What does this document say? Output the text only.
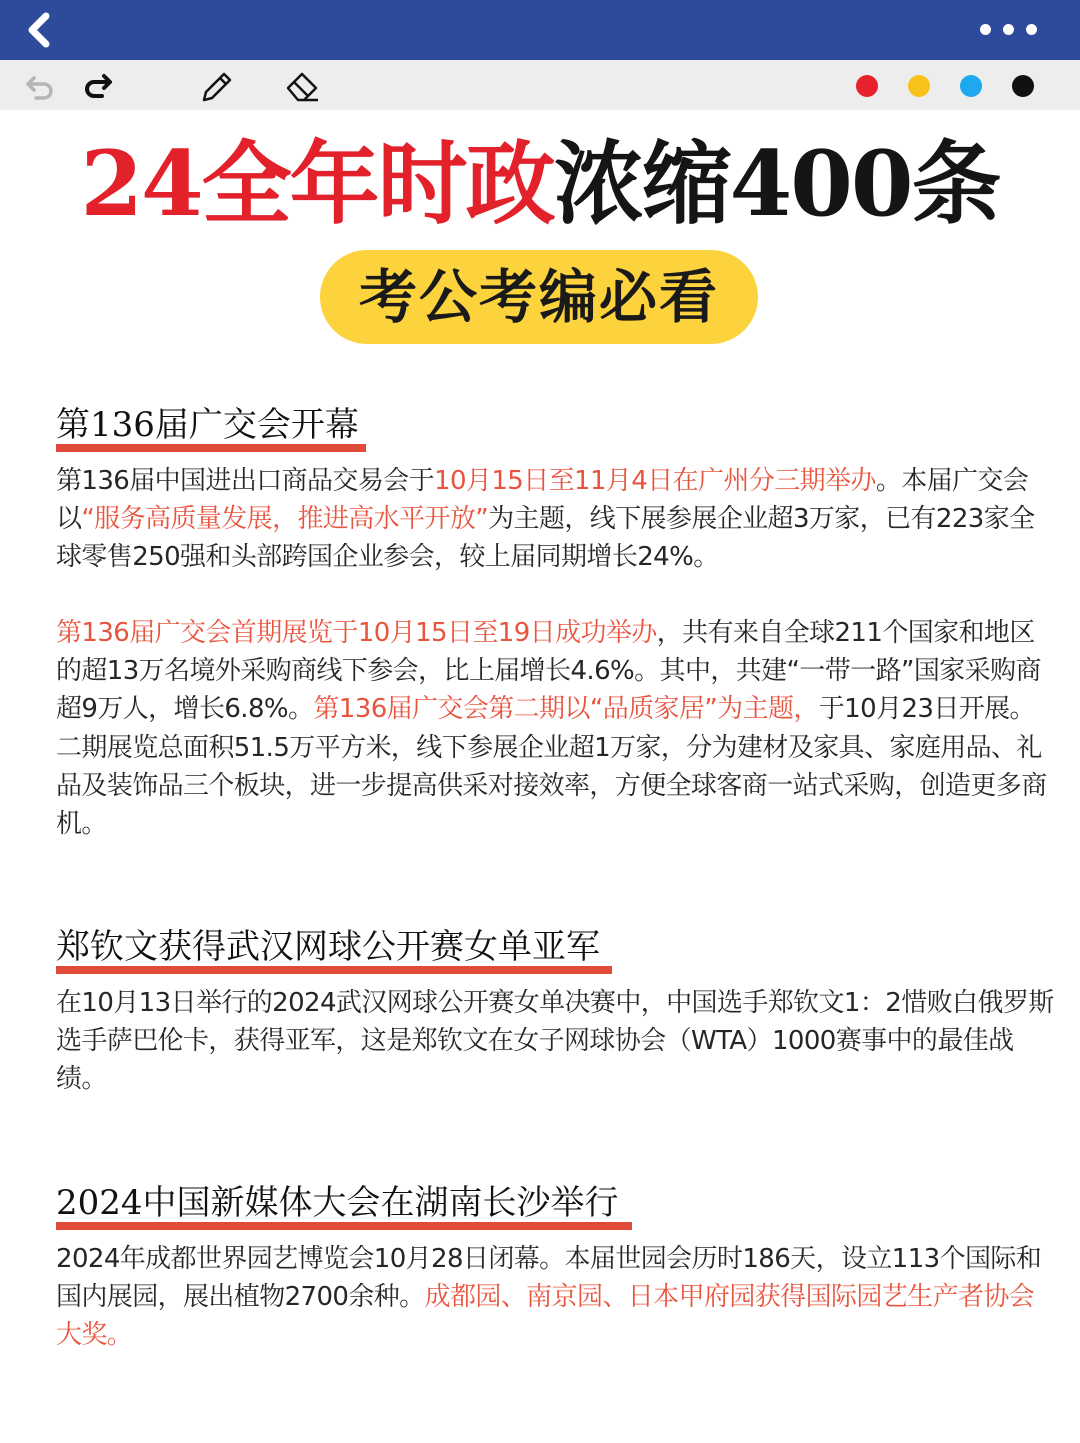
24全年时政浓缩400条
考公考编必看
第136届广交会开幕
第136届中国进出口商品交易会于10月15日至11月4日在广州分三期举办。本届广交会以“服务高质量发展，推进高水平开放”为主题，线下展参展企业超3万家，已有223家全球零售250强和头部跨国企业参会，较上届同期增长24%。
第136届广交会首期展览于10月15日至19日成功举办，共有来自全球211个国家和地区的超13万名境外采购商线下参会，比上届增长4.6%。其中，共建“一带一路”国家采购商超9万人，增长6.8%。第136届广交会第二期以“品质家居”为主题，于10月23日开展。二期展览总面积51.5万平方米，线下参展企业超1万家，分为建材及家具、家庭用品、礼品及装饰品三个板块，进一步提高供采对接效率，方便全球客商一站式采购，创造更多商机。
郑钦文获得武汉网球公开赛女单亚军
在10月13日举行的2024武汉网球公开赛女单决赛中，中国选手郑钦文1：2惜败白俄罗斯选手萨巴伦卡，获得亚军，这是郑钦文在女子网球协会（WTA）1000赛事中的最佳战绩。
2024中国新媒体大会在湖南长沙举行
2024年成都世界园艺博览会10月28日闭幕。本届世园会历时186天，设立113个国际和国内展园，展出植物2700余种。成都园、南京园、日本甲府园获得国际园艺生产者协会大奖。
